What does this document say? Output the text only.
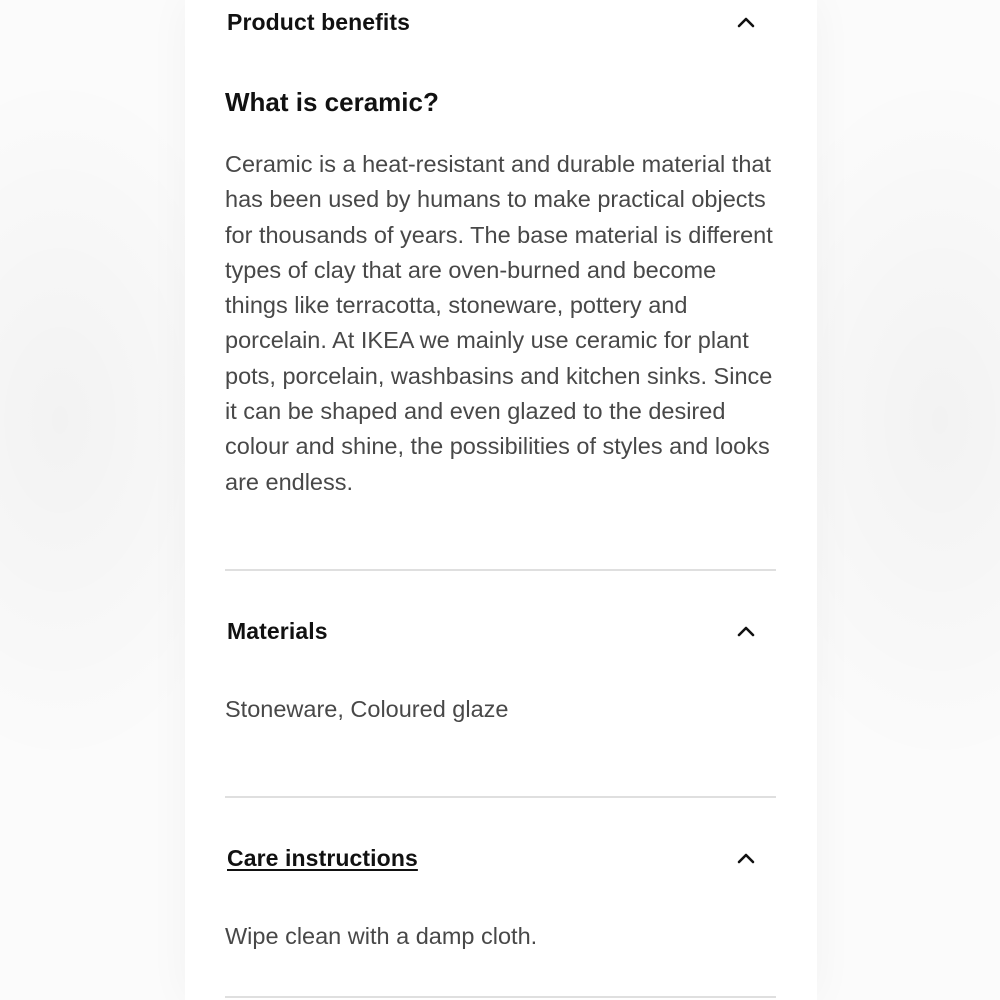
Product benefits
What is ceramic?

Ceramic is a heat-resistant and durable material that has been used by humans to make practical objects for thousands of years. The base material is different types of clay that are oven-burned and become things like terracotta, stoneware, pottery and porcelain. At IKEA we mainly use ceramic for plant pots, porcelain, washbasins and kitchen sinks. Since it can be shaped and even glazed to the desired colour and shine, the possibilities of styles and looks are endless.

Materials

Stoneware, Coloured glaze

Care instructions

Wipe clean with a damp cloth.
